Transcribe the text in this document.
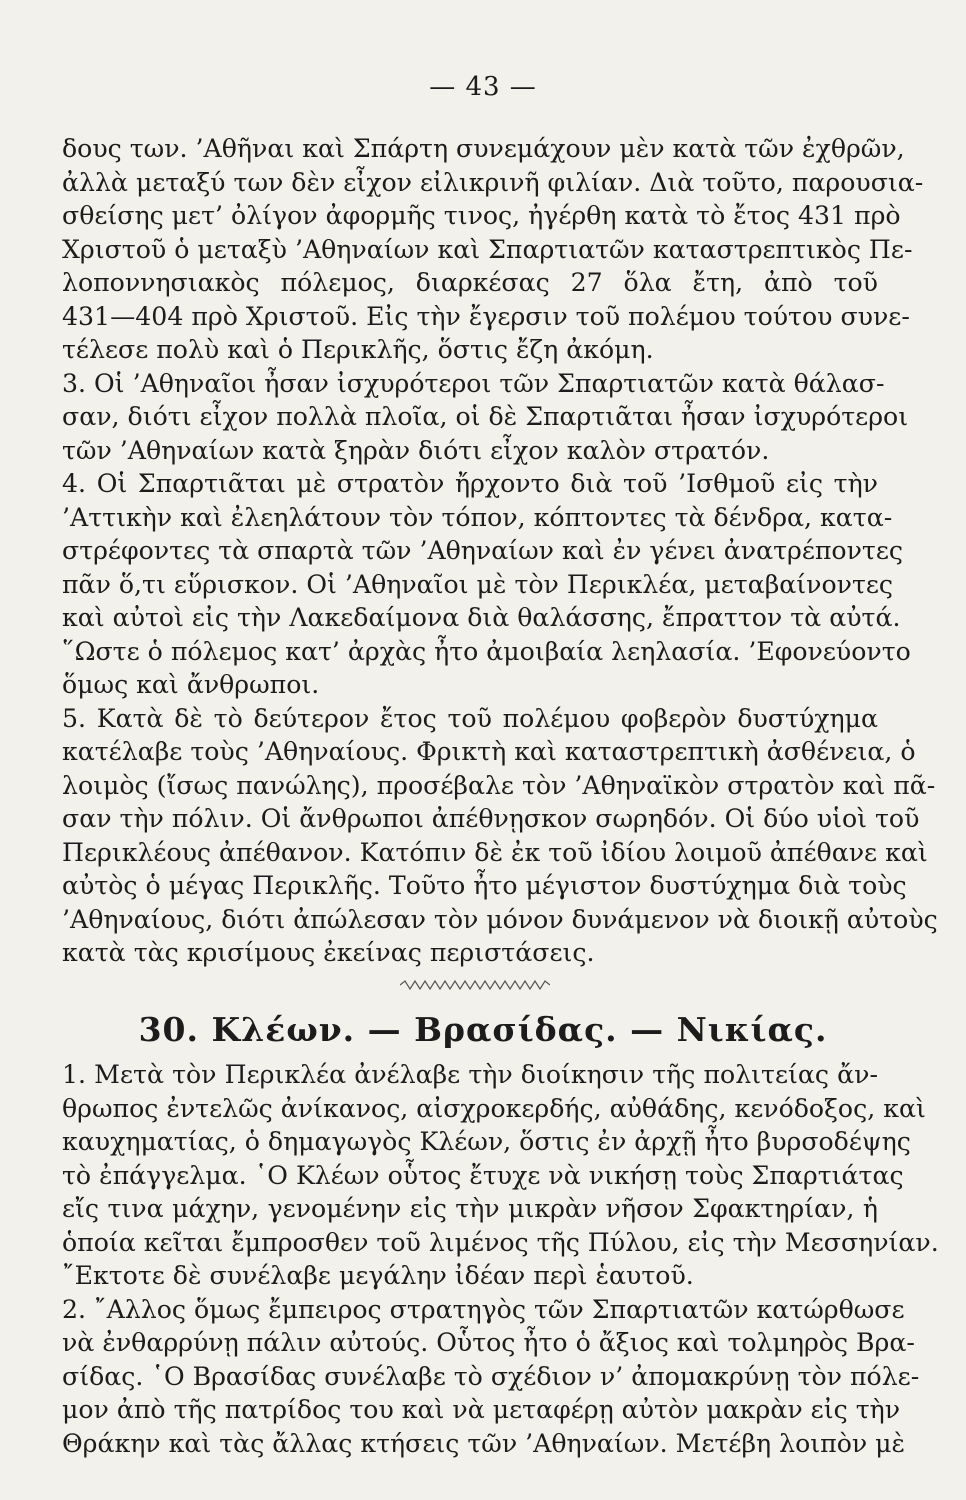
— 43 —
δους των. ’Αθῆναι καὶ Σπάρτη συνεμάχουν μὲν κατὰ τῶν ἐχθρῶν,
ἀλλὰ μεταξύ των δὲν εἶχον εἰλικρινῆ φιλίαν. Διὰ τοῦτο, παρουσια-
σθείσης μετ’ ὀλίγον ἀφορμῆς τινος, ἠγέρθη κατὰ τὸ ἔτος 431 πρὸ
Χριστοῦ ὁ μεταξὺ ’Αθηναίων καὶ Σπαρτιατῶν καταστρεπτικὸς Πε-
λοποννησιακὸς πόλεμος, διαρκέσας 27 ὅλα ἔτη, ἀπὸ τοῦ
431—404 πρὸ Χριστοῦ. Εἰς τὴν ἔγερσιν τοῦ πολέμου τούτου συνε-
τέλεσε πολὺ καὶ ὁ Περικλῆς, ὅστις ἔζη ἀκόμη.
3. Οἱ ’Αθηναῖοι ἦσαν ἰσχυρότεροι τῶν Σπαρτιατῶν κατὰ θάλασ-
σαν, διότι εἶχον πολλὰ πλοῖα, οἱ δὲ Σπαρτιᾶται ἦσαν ἰσχυρότεροι
τῶν ’Αθηναίων κατὰ ξηρὰν διότι εἶχον καλὸν στρατόν.
4. Οἱ Σπαρτιᾶται μὲ στρατὸν ἤρχοντο διὰ τοῦ ’Ισθμοῦ εἰς τὴν
’Αττικὴν καὶ ἐλεηλάτουν τὸν τόπον, κόπτοντες τὰ δένδρα, κατα-
στρέφοντες τὰ σπαρτὰ τῶν ’Αθηναίων καὶ ἐν γένει ἀνατρέποντες
πᾶν ὅ,τι εὕρισκον. Οἱ ’Αθηναῖοι μὲ τὸν Περικλέα, μεταβαίνοντες
καὶ αὐτοὶ εἰς τὴν Λακεδαίμονα διὰ θαλάσσης, ἔπραττον τὰ αὐτά.
῞Ωστε ὁ πόλεμος κατ’ ἀρχὰς ἦτο ἀμοιβαία λεηλασία. ’Εφονεύοντο
ὅμως καὶ ἄνθρωποι.
5. Κατὰ δὲ τὸ δεύτερον ἔτος τοῦ πολέμου φοβερὸν δυστύχημα
κατέλαβε τοὺς ’Αθηναίους. Φρικτὴ καὶ καταστρεπτικὴ ἀσθένεια, ὁ
λοιμὸς (ἴσως πανώλης), προσέβαλε τὸν ’Αθηναϊκὸν στρατὸν καὶ πᾶ-
σαν τὴν πόλιν. Οἱ ἄνθρωποι ἀπέθνῃσκον σωρηδόν. Οἱ δύο υἱοὶ τοῦ
Περικλέους ἀπέθανον. Κατόπιν δὲ ἐκ τοῦ ἰδίου λοιμοῦ ἀπέθανε καὶ
αὐτὸς ὁ μέγας Περικλῆς. Τοῦτο ἦτο μέγιστον δυστύχημα διὰ τοὺς
’Αθηναίους, διότι ἀπώλεσαν τὸν μόνον δυνάμενον νὰ διοικῇ αὐτοὺς
κατὰ τὰς κρισίμους ἐκείνας περιστάσεις.
30. Κλέων. — Βρασίδας. — Νικίας.
1. Μετὰ τὸν Περικλέα ἀνέλαβε τὴν διοίκησιν τῆς πολιτείας ἄν-
θρωπος ἐντελῶς ἀνίκανος, αἰσχροκερδής, αὐθάδης, κενόδοξος, καὶ
καυχηματίας, ὁ δημαγωγὸς Κλέων, ὅστις ἐν ἀρχῇ ἦτο βυρσοδέψης
τὸ ἐπάγγελμα. ῾Ο Κλέων οὗτος ἔτυχε νὰ νικήσῃ τοὺς Σπαρτιάτας
εἴς τινα μάχην, γενομένην εἰς τὴν μικρὰν νῆσον Σφακτηρίαν, ἡ
ὁποία κεῖται ἔμπροσθεν τοῦ λιμένος τῆς Πύλου, εἰς τὴν Μεσσηνίαν.
῎Εκτοτε δὲ συνέλαβε μεγάλην ἰδέαν περὶ ἑαυτοῦ.
2. ῎Αλλος ὅμως ἔμπειρος στρατηγὸς τῶν Σπαρτιατῶν κατώρθωσε
νὰ ἐνθαρρύνῃ πάλιν αὐτούς. Οὗτος ἦτο ὁ ἄξιος καὶ τολμηρὸς Βρα-
σίδας. ῾Ο Βρασίδας συνέλαβε τὸ σχέδιον ν’ ἀπομακρύνῃ τὸν πόλε-
μον ἀπὸ τῆς πατρίδος του καὶ νὰ μεταφέρῃ αὐτὸν μακρὰν εἰς τὴν
Θράκην καὶ τὰς ἄλλας κτήσεις τῶν ’Αθηναίων. Μετέβη λοιπὸν μὲ
